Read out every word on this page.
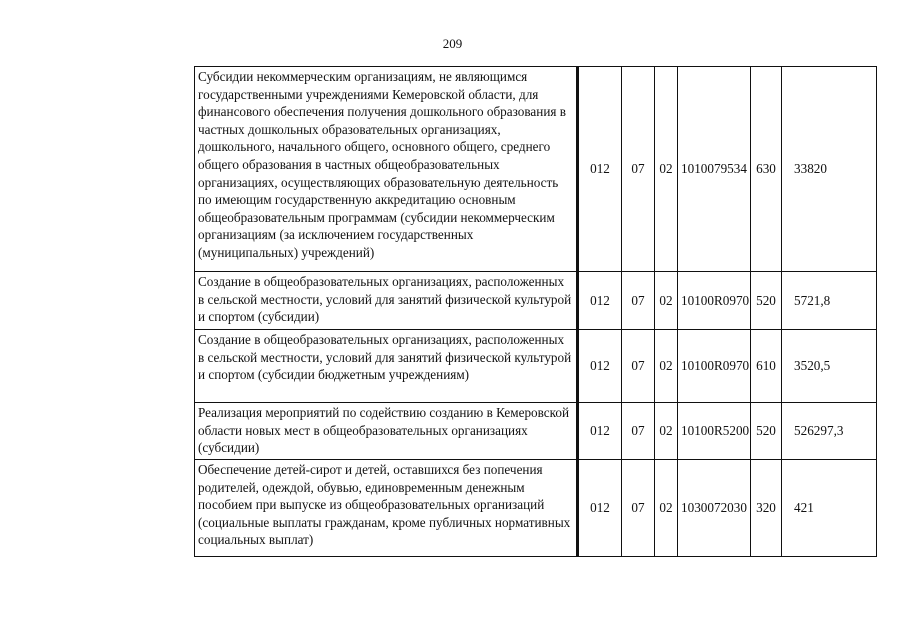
209
Субсидии некоммерческим организациям, не являющимся государственными учреждениями Кемеровской области, для финансового обеспечения получения дошкольного образования в частных дошкольных образовательных организациях, дошкольного, начального общего, основного общего, среднего общего образования в частных общеобразовательных организациях, осуществляющих образовательную деятельность по имеющим государственную аккредитацию основным общеобразовательным программам (субсидии некоммерческим организациям (за исключением государственных (муниципальных) учреждений)	012	07	02	1010079534	630	33820
Создание в общеобразовательных организациях, расположенных в сельской местности, условий для занятий физической культурой и спортом (субсидии)	012	07	02	10100R0970	520	5721,8
Создание в общеобразовательных организациях, расположенных в сельской местности, условий для занятий физической культурой и спортом (субсидии бюджетным учреждениям)	012	07	02	10100R0970	610	3520,5
Реализация мероприятий по содействию созданию в Кемеровской области новых мест в общеобразовательных организациях (субсидии)	012	07	02	10100R5200	520	526297,3
Обеспечение детей-сирот и детей, оставшихся без попечения родителей, одеждой, обувью, единовременным денежным пособием при выпуске из общеобразовательных организаций (социальные выплаты гражданам, кроме публичных нормативных социальных выплат)	012	07	02	1030072030	320	421
